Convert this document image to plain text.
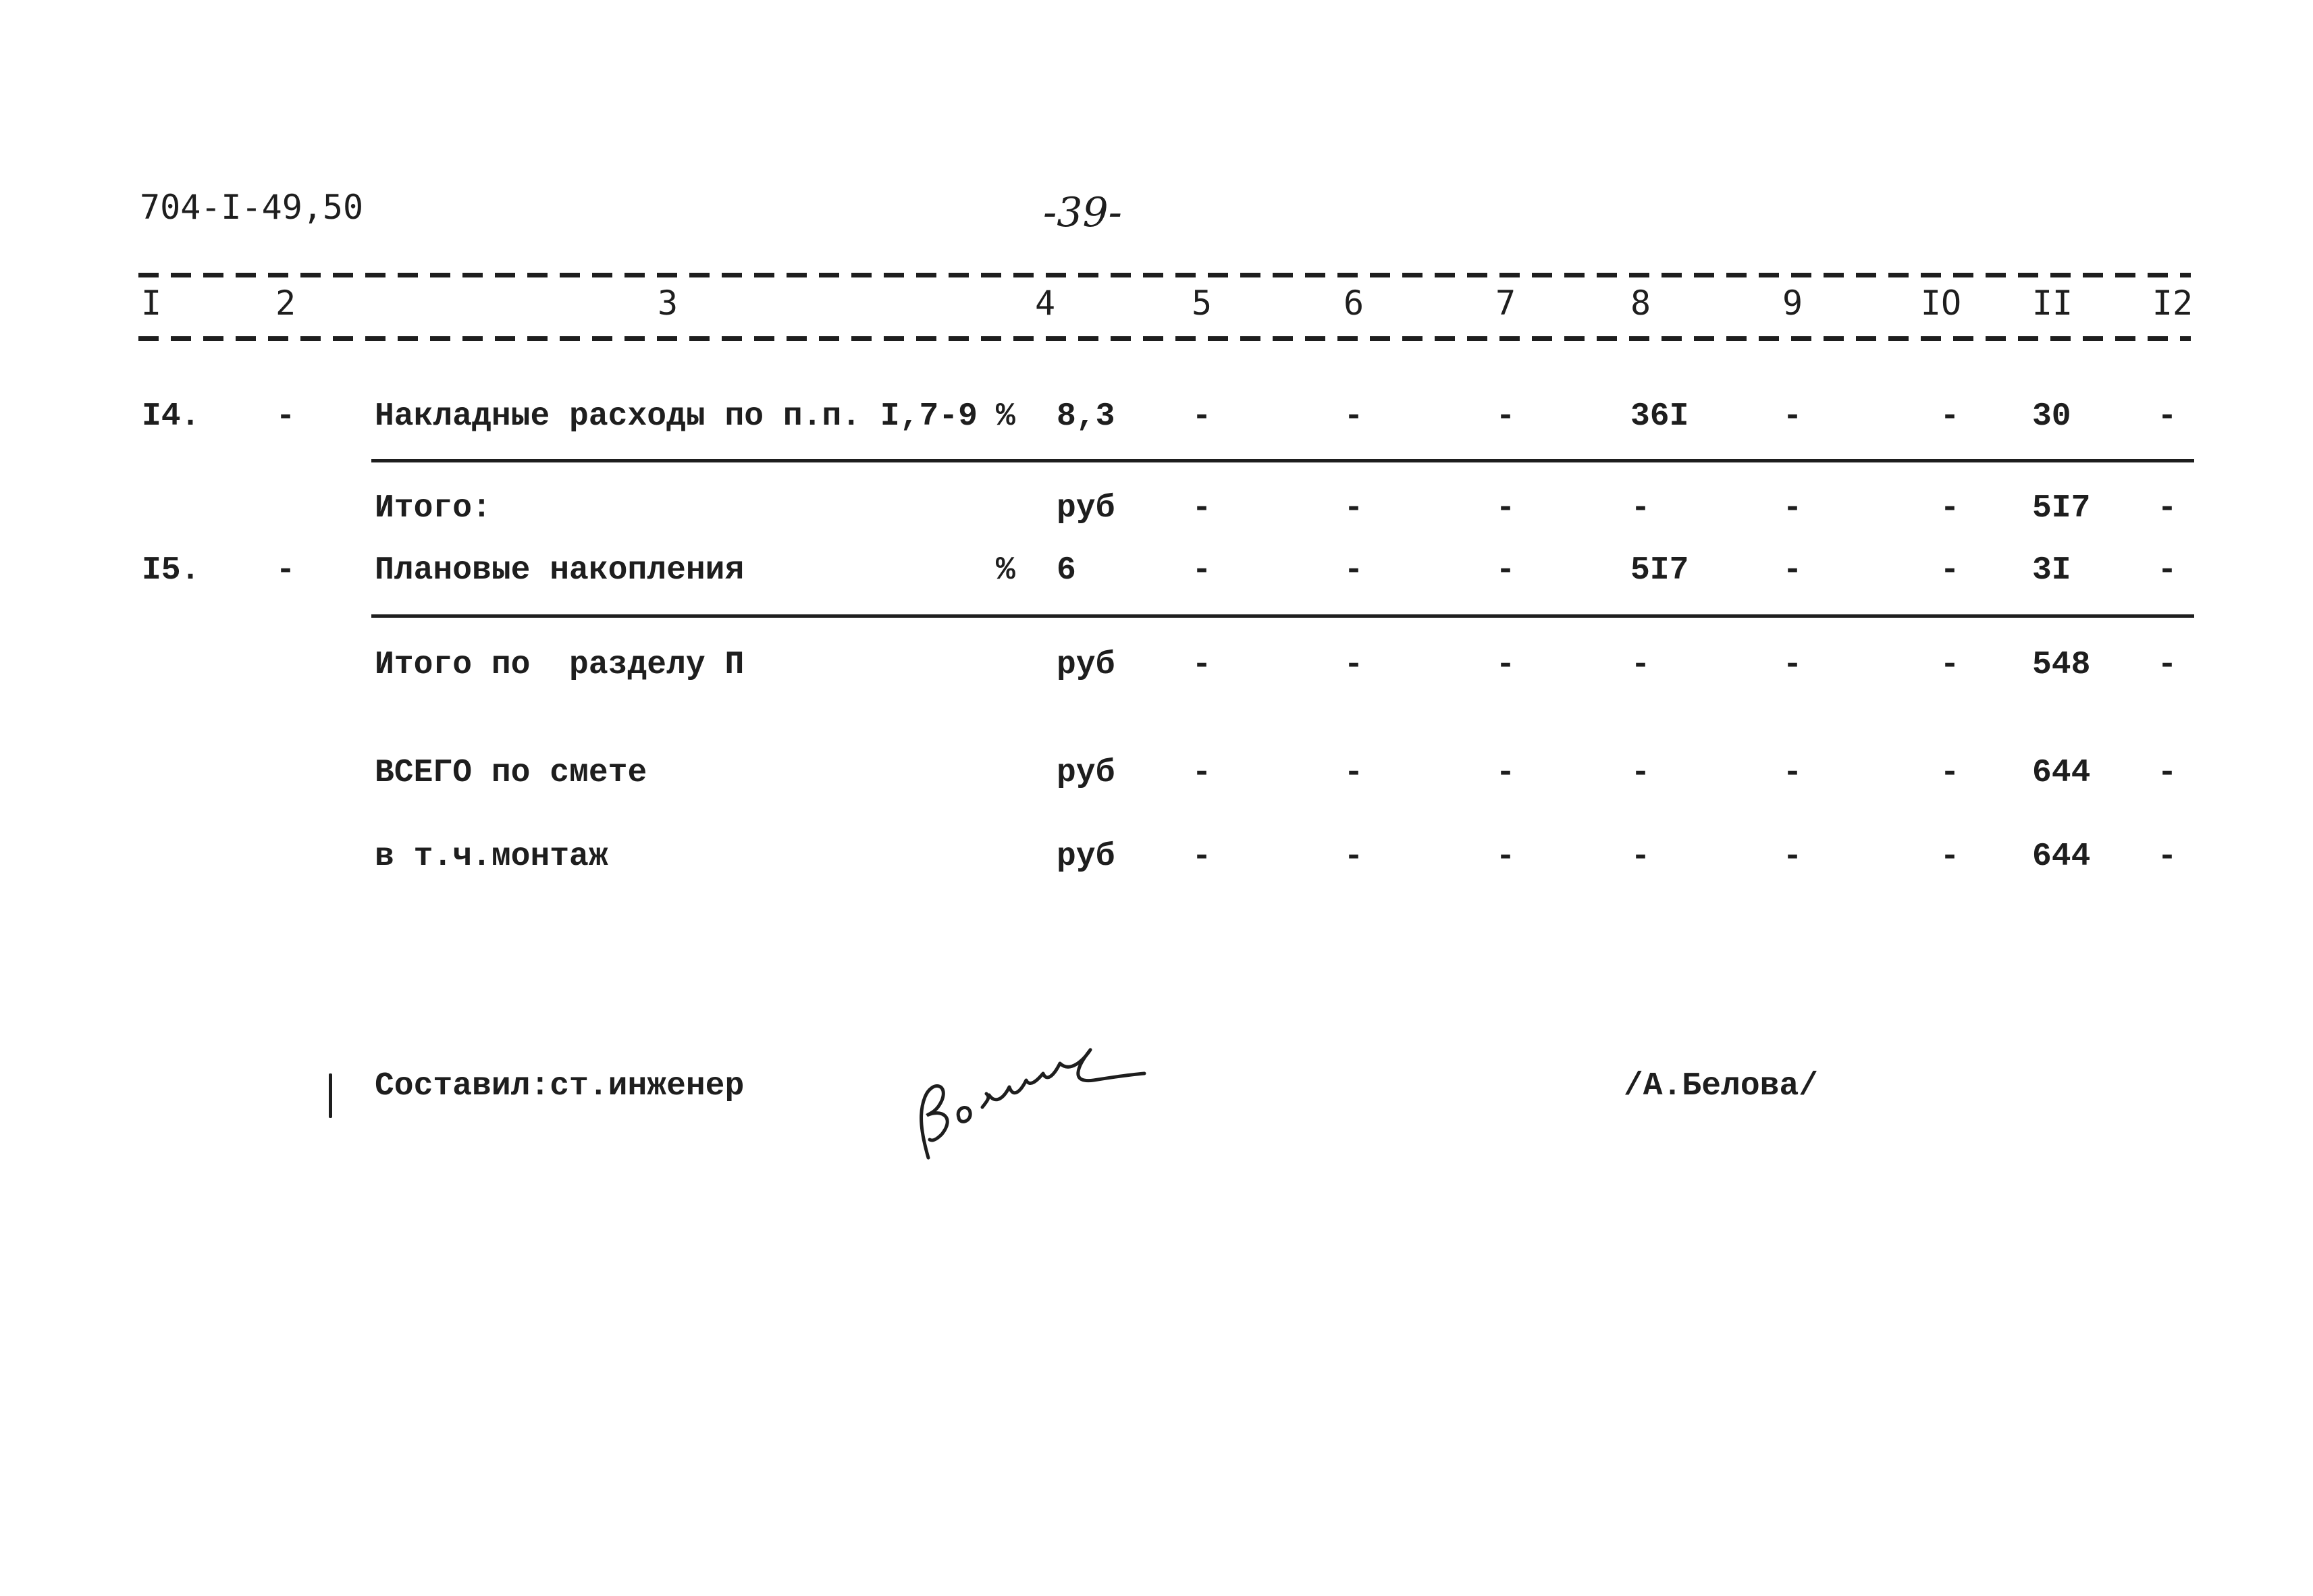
704-I-49,50	-39-
I	2	3	4	5	6	7	8	9	IO II I2
I4. - Накладные расходы по п.п. I,7-9 % 8,3 -	-	-	36I	-	- 30	-
Итого:	руб -	-	-	-	-	- 5I7 -
I5. - Плановые накопления	% 6	-	-	-	5I7	-	- 3I	-
Итого по  разделу П	руб -	-	-	-	-	- 548 -
ВСЕГО по смете	руб -	-	-	-	-	- 644 -
в т.ч.монтаж	руб -	-	-	-	-	- 644 -
Составил:ст.инженер	/А.Белова/
